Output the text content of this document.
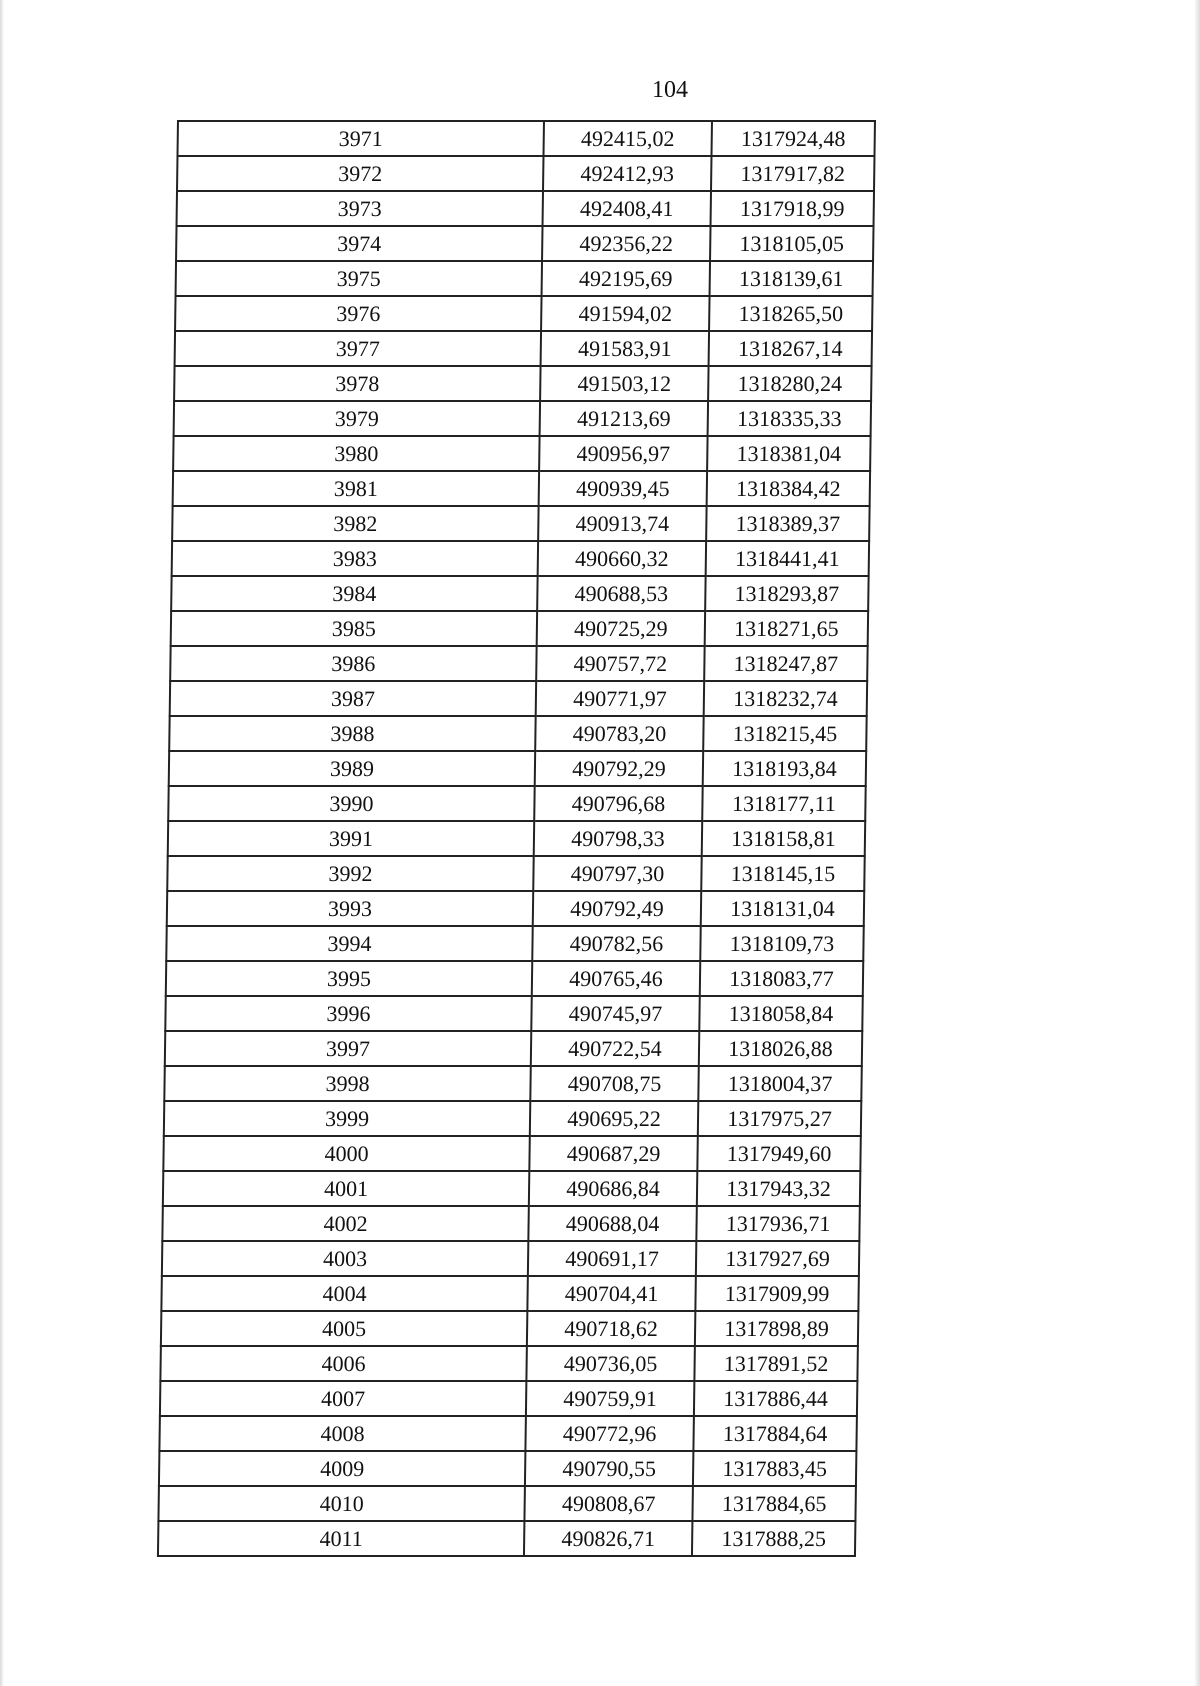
104
3971	492415,02	1317924,48
3972	492412,93	1317917,82
3973	492408,41	1317918,99
3974	492356,22	1318105,05
3975	492195,69	1318139,61
3976	491594,02	1318265,50
3977	491583,91	1318267,14
3978	491503,12	1318280,24
3979	491213,69	1318335,33
3980	490956,97	1318381,04
3981	490939,45	1318384,42
3982	490913,74	1318389,37
3983	490660,32	1318441,41
3984	490688,53	1318293,87
3985	490725,29	1318271,65
3986	490757,72	1318247,87
3987	490771,97	1318232,74
3988	490783,20	1318215,45
3989	490792,29	1318193,84
3990	490796,68	1318177,11
3991	490798,33	1318158,81
3992	490797,30	1318145,15
3993	490792,49	1318131,04
3994	490782,56	1318109,73
3995	490765,46	1318083,77
3996	490745,97	1318058,84
3997	490722,54	1318026,88
3998	490708,75	1318004,37
3999	490695,22	1317975,27
4000	490687,29	1317949,60
4001	490686,84	1317943,32
4002	490688,04	1317936,71
4003	490691,17	1317927,69
4004	490704,41	1317909,99
4005	490718,62	1317898,89
4006	490736,05	1317891,52
4007	490759,91	1317886,44
4008	490772,96	1317884,64
4009	490790,55	1317883,45
4010	490808,67	1317884,65
4011	490826,71	1317888,25
